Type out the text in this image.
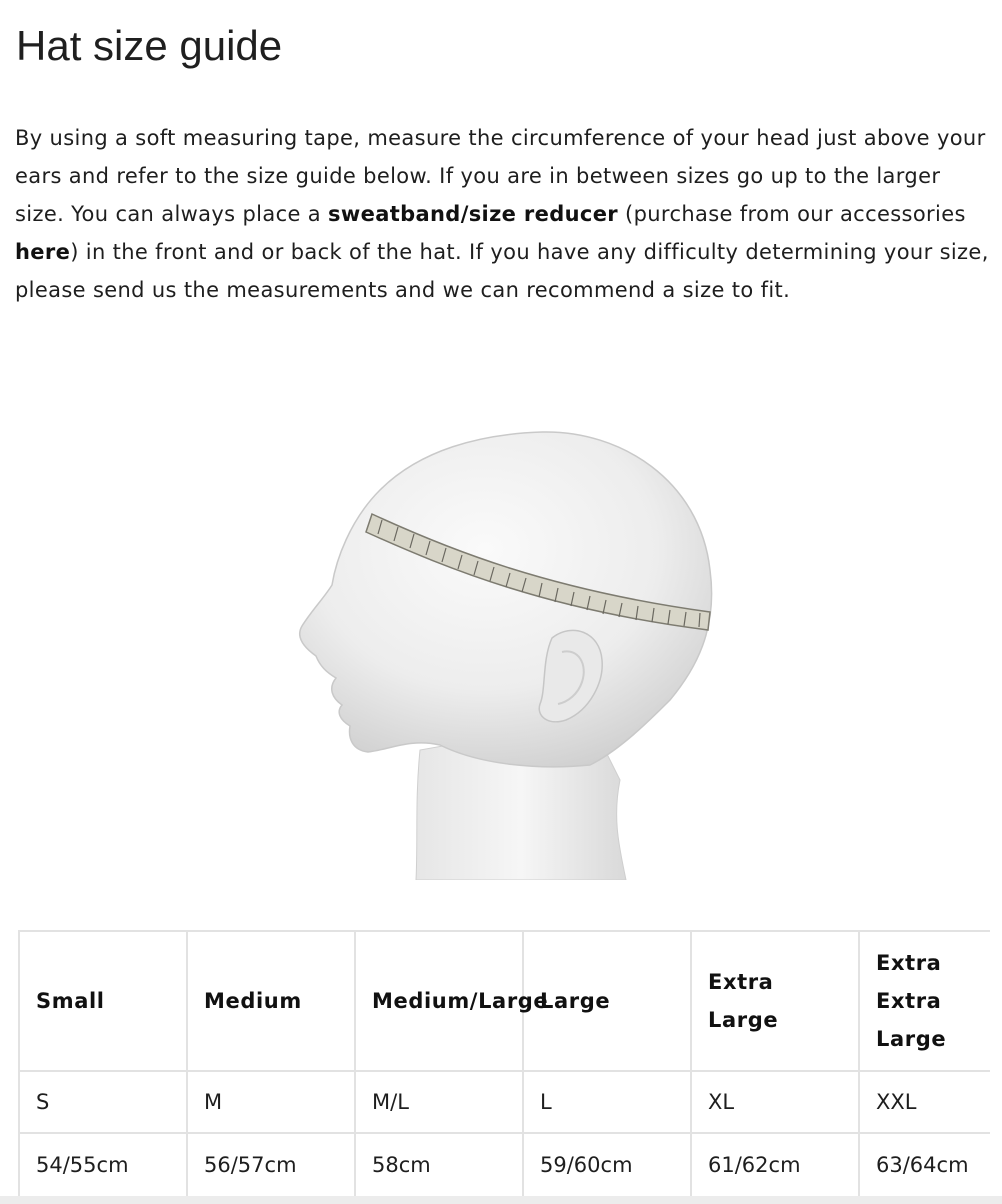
Hat size guide

By using a soft measuring tape, measure the circumference of your head just above your ears and refer to the size guide below. If you are in between sizes go up to the larger size. You can always place a sweatband/size reducer (purchase from our accessories here) in the front and or back of the hat. If you have any difficulty determining your size, please send us the measurements and we can recommend a size to fit.

Small	Medium	Medium/Large	Large	Extra Large	Extra Extra Large
S	M	M/L	L	XL	XXL
54/55cm	56/57cm	58cm	59/60cm	61/62cm	63/64cm
